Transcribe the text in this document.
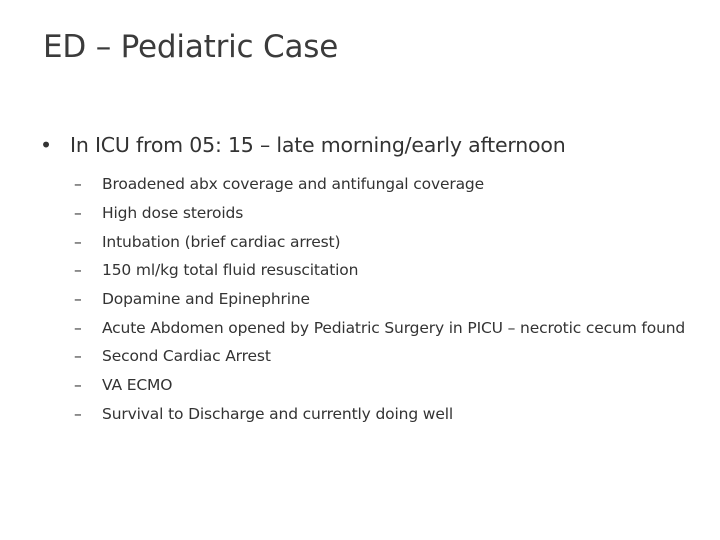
ED – Pediatric Case
• In ICU from 05: 15 – late morning/early afternoon
– Broadened abx coverage and antifungal coverage
– High dose steroids
– Intubation (brief cardiac arrest)
– 150 ml/kg total fluid resuscitation
– Dopamine and Epinephrine
– Acute Abdomen opened by Pediatric Surgery in PICU – necrotic cecum found
– Second Cardiac Arrest
– VA ECMO
– Survival to Discharge and currently doing well
